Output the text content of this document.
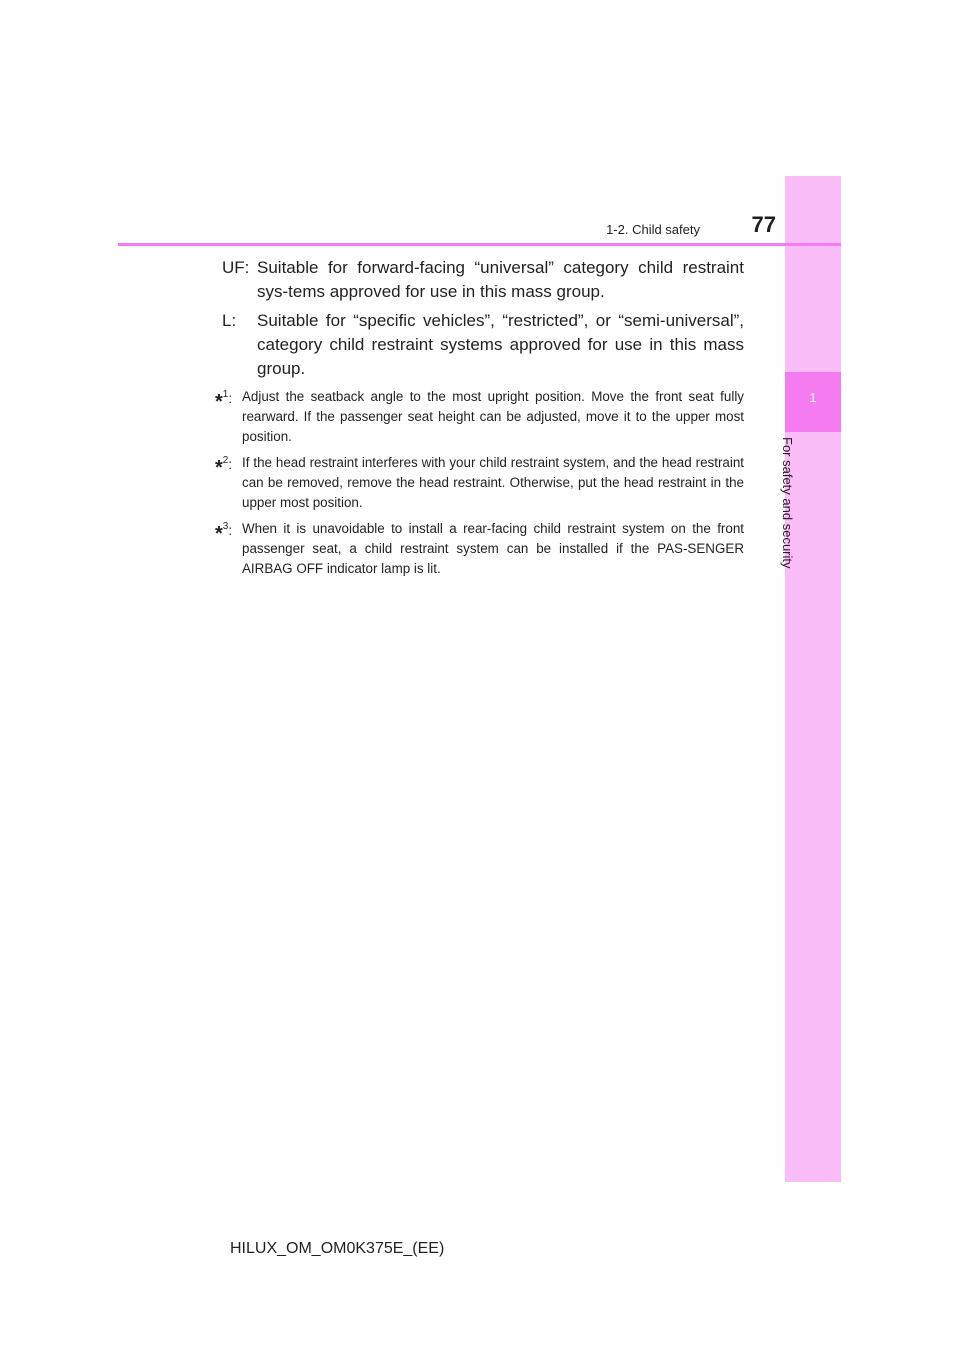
1
For safety and security
1-2. Child safety	77
UF: Suitable for forward-facing “universal” category child restraint sys-tems approved for use in this mass group.
L:	Suitable for “specific vehicles”, “restricted”, or “semi-universal”, category child restraint systems approved for use in this mass group.
*$^1$: Adjust the seatback angle to the most upright position. Move the front seat fully rearward. If the passenger seat height can be adjusted, move it to the upper most position.
*$^2$: If the head restraint interferes with your child restraint system, and the head restraint can be removed, remove the head restraint. Otherwise, put the head restraint in the upper most position.
*$^3$: When it is unavoidable to install a rear-facing child restraint system on the front passenger seat, a child restraint system can be installed if the PAS-SENGER AIRBAG OFF indicator lamp is lit.
HILUX_OM_OM0K375E_(EE)
